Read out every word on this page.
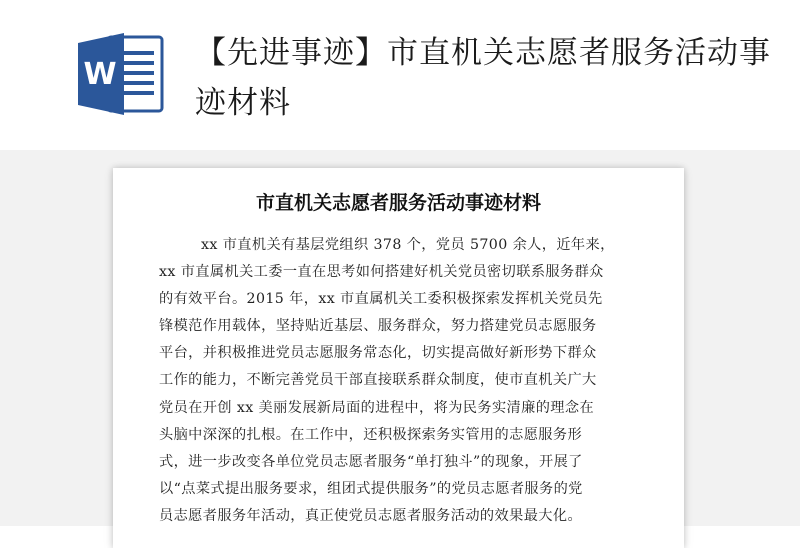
W
【先进事迹】市直机关志愿者服务活动事迹材料
市直机关志愿者服务活动事迹材料
xx 市直机关有基层党组织 378 个，党员 5700 余人，近年来，
xx 市直属机关工委一直在思考如何搭建好机关党员密切联系服务群众
的有效平台。2015 年，xx 市直属机关工委积极探索发挥机关党员先
锋模范作用载体，坚持贴近基层、服务群众，努力搭建党员志愿服务
平台，并积极推进党员志愿服务常态化，切实提高做好新形势下群众
工作的能力，不断完善党员干部直接联系群众制度，使市直机关广大
党员在开创 xx 美丽发展新局面的进程中，将为民务实清廉的理念在
头脑中深深的扎根。在工作中，还积极探索务实管用的志愿服务形
式，进一步改变各单位党员志愿者服务“单打独斗”的现象，开展了
以“点菜式提出服务要求，组团式提供服务”的党员志愿者服务的党
员志愿者服务年活动，真正使党员志愿者服务活动的效果最大化。
